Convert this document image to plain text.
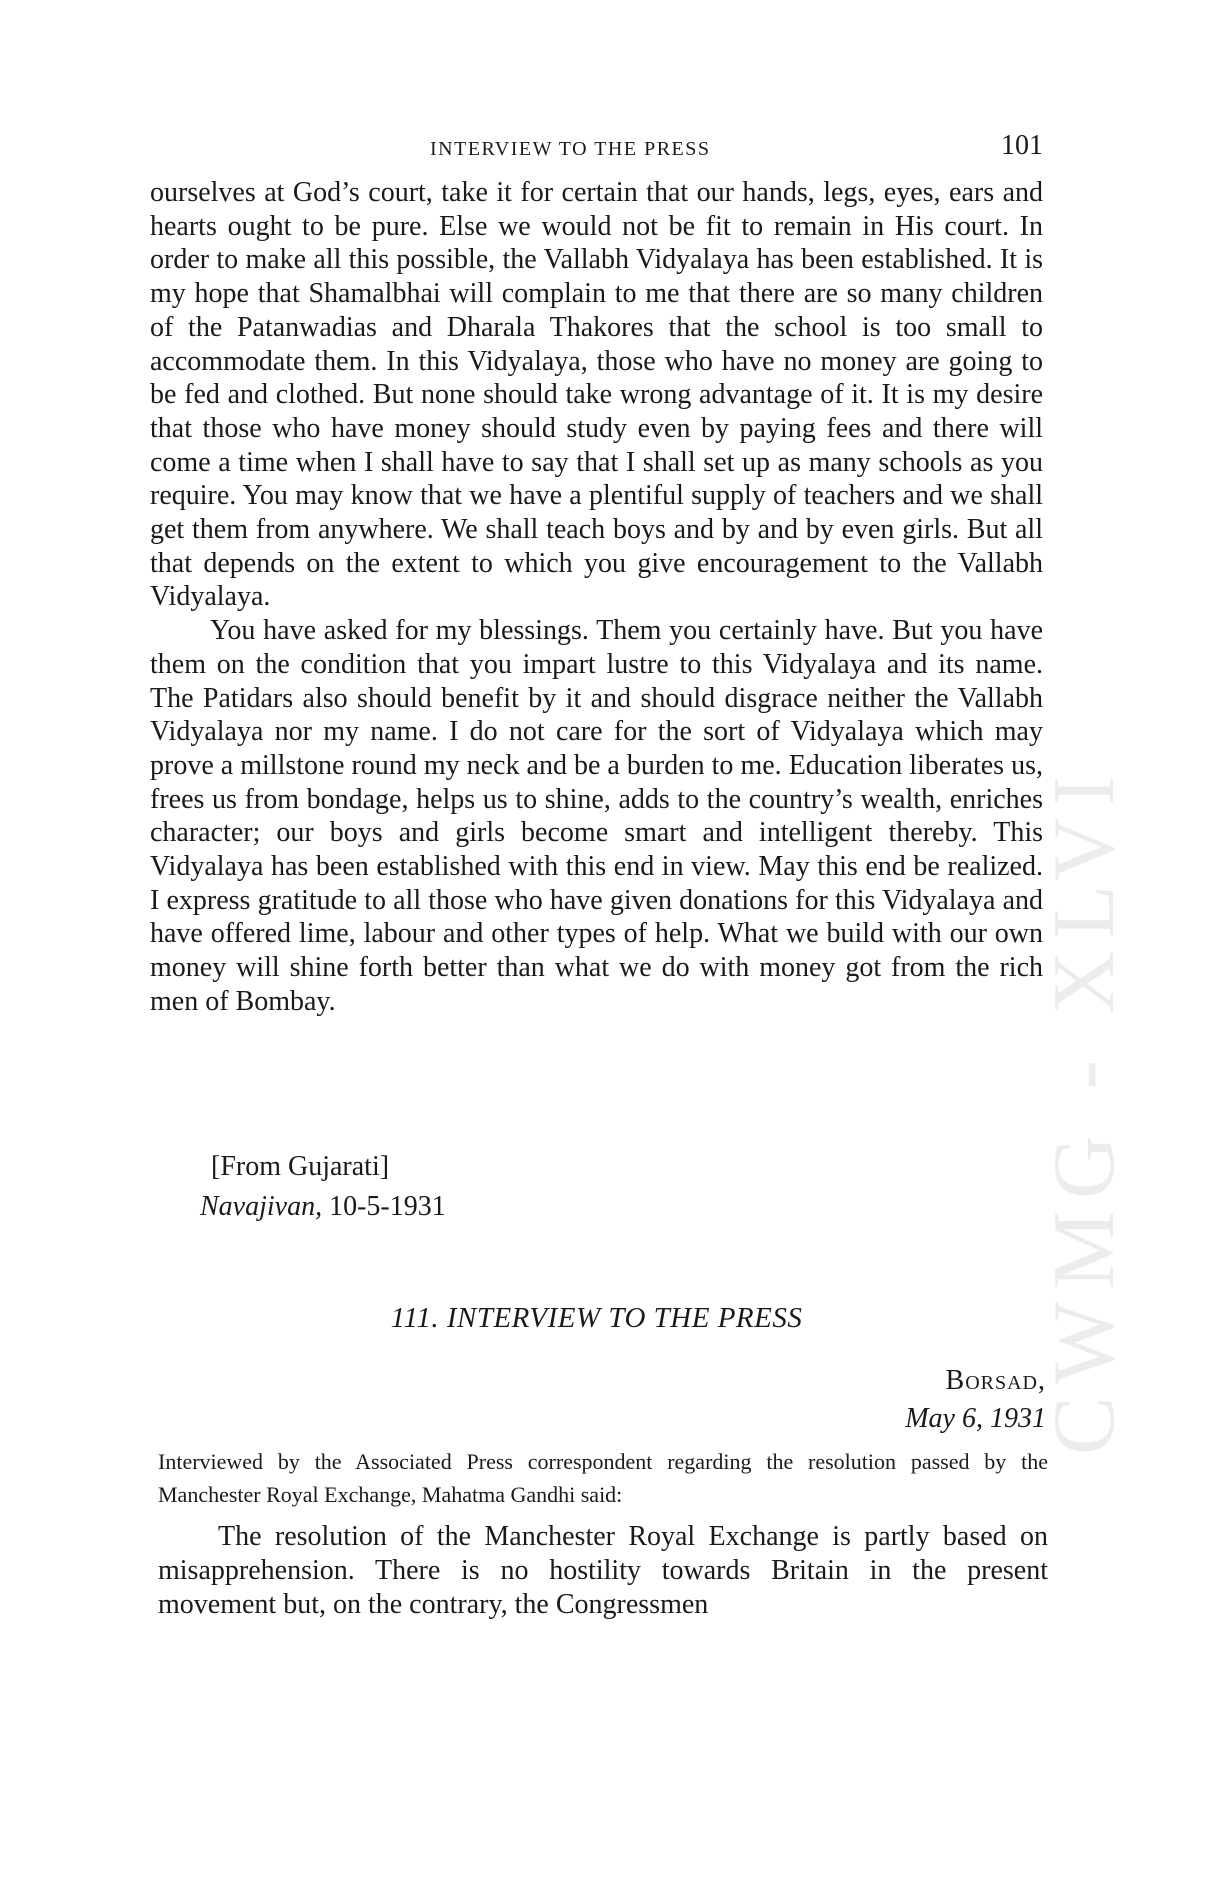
CWMG - XLVI
INTERVIEW TO THE PRESS	101

ourselves at God’s court, take it for certain that our hands, legs, eyes, ears and hearts ought to be pure. Else we would not be fit to remain in His court. In order to make all this possible, the Vallabh Vidyalaya has been established. It is my hope that Shamalbhai will complain to me that there are so many children of the Patanwadias and Dharala Thakores that the school is too small to accommodate them. In this Vidyalaya, those who have no money are going to be fed and clothed. But none should take wrong advantage of it. It is my desire that those who have money should study even by paying fees and there will come a time when I shall have to say that I shall set up as many schools as you require. You may know that we have a plentiful supply of teachers and we shall get them from anywhere. We shall teach boys and by and by even girls. But all that depends on the extent to which you give encouragement to the Vallabh Vidyalaya.

You have asked for my blessings. Them you certainly have. But you have them on the condition that you impart lustre to this Vidyalaya and its name. The Patidars also should benefit by it and should disgrace neither the Vallabh Vidyalaya nor my name. I do not care for the sort of Vidyalaya which may prove a millstone round my neck and be a burden to me. Education liberates us, frees us from bondage, helps us to shine, adds to the country’s wealth, enriches character; our boys and girls become smart and intelligent thereby. This Vidyalaya has been established with this end in view. May this end be realized. I express gratitude to all those who have given donations for this Vidyalaya and have offered lime, labour and other types of help. What we build with our own money will shine forth better than what we do with money got from the rich men of Bombay.

[From Gujarati]
Navajivan, 10-5-1931
111. INTERVIEW TO THE PRESS
Borsad,
May 6, 1931

Interviewed by the Associated Press correspondent regarding the resolution passed by the Manchester Royal Exchange, Mahatma Gandhi said:

The resolution of the Manchester Royal Exchange is partly based on misapprehension. There is no hostility towards Britain in the present movement but, on the contrary, the Congressmen
